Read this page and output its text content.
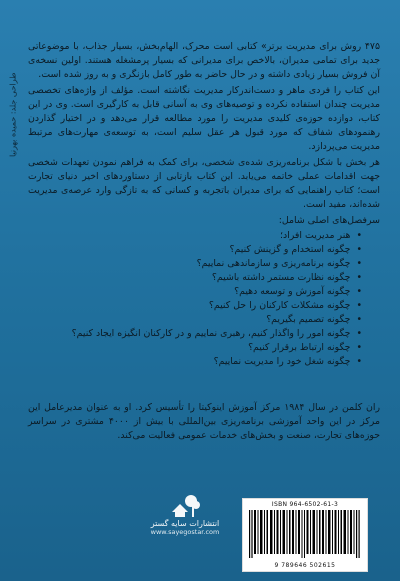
طراحی جلد: حمیده بهرنیا

۴۷۵ روش برای مدیریت برتر» کتابی است محرک، الهام‌بخش، بسیار جذاب، با موضوعاتی جدید برای تمامی مدیران، بالاخص برای مدیرانی که بسیار پرمشغله هستند. اولین نسخه‌ی آن فروش بسیار زیادی داشته و در حال حاضر به طور کامل بازنگری و به روز شده است.

این کتاب را فردی ماهر و دست‌اندرکار مدیریت نگاشته است. مؤلف از واژه‌های تخصصی مدیریت چندان استفاده نکرده و توصیه‌های وی به آسانی قابل به کارگیری است. وی در این کتاب، دوازده حوزه‌ی کلیدی مدیریت را مورد مطالعه قرار می‌دهد و در اختیار گذاردن رهنمودهای شفاف که مورد قبول هر عقل سلیم است، به توسعه‌ی مهارت‌های مرتبط مدیریت می‌پردازد.

هر بخش با شکل برنامه‌ریزی شده‌ی شخصی، برای کمک به فراهم نمودن تعهدات شخصی جهت اقدامات عملی خاتمه می‌یابد. این کتاب بازتابی از دستاوردهای اخیر دنیای تجارت است؛ کتاب راهنمایی که برای مدیران باتجربه و کسانی که به تازگی وارد عرصه‌ی مدیریت شده‌اند، مفید است.

سرفصل‌های اصلی شامل:
• هنر مدیریت افراد؛
• چگونه استخدام و گزینش کنیم؟
• چگونه برنامه‌ریزی و سازماندهی نماییم؟
• چگونه نظارت مستمر داشته باشیم؟
• چگونه آموزش و توسعه دهیم؟
• چگونه مشکلات کارکنان را حل کنیم؟
• چگونه تصمیم بگیریم؟
• چگونه امور را واگذار کنیم، رهبری نماییم و در کارکنان انگیزه ایجاد کنیم؟
• چگونه ارتباط برقرار کنیم؟
• چگونه شغل خود را مدیریت نماییم؟

ران کلمن در سال ۱۹۸۴ مرکز آموزش اینوکیتا را تأسیس کرد. او به عنوان مدیرعامل این مرکز در این واحد آموزشی برنامه‌ریزی بین‌المللی با بیش از ۴۰۰۰ مشتری در سراسر حوزه‌های تجارت، صنعت و بخش‌های خدمات عمومی فعالیت می‌کند.

انتشارات سایه گستر
www.sayegostar.com
ISBN 964-6502-61-3
9 789646 502615
